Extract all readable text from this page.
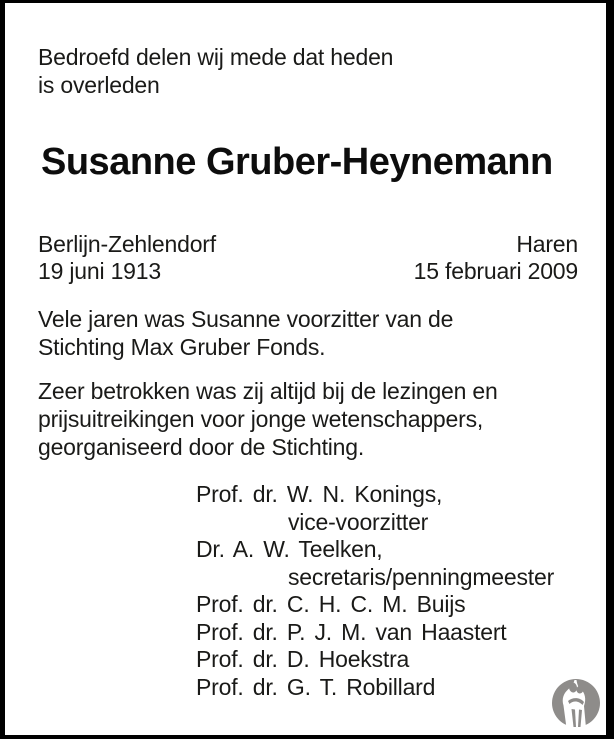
Bedroefd delen wij mede dat heden
is overleden
Susanne Gruber-Heynemann
Berlijn-Zehlendorf
19 juni 1913
Haren
15 februari 2009
Vele jaren was Susanne voorzitter van de
Stichting Max Gruber Fonds.
Zeer betrokken was zij altijd bij de lezingen en
prijsuitreikingen voor jonge wetenschappers,
georganiseerd door de Stichting.
Prof. dr. W. N. Konings,
vice-voorzitter
Dr. A. W. Teelken,
secretaris/penningmeester
Prof. dr. C. H. C. M. Buijs
Prof. dr. P. J. M. van Haastert
Prof. dr. D. Hoekstra
Prof. dr. G. T. Robillard
